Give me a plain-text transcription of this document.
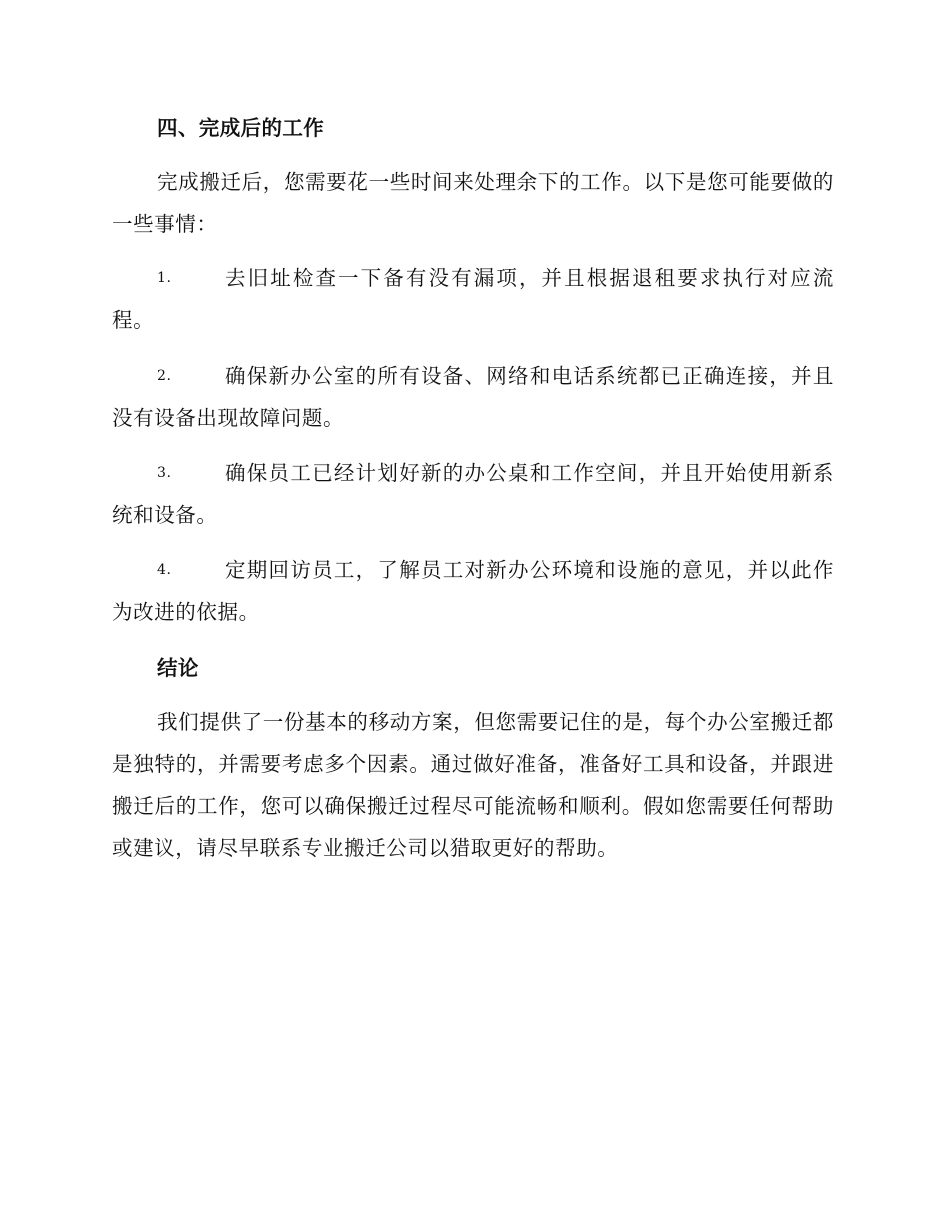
四、完成后的工作

完成搬迁后，您需要花一些时间来处理余下的工作。以下是您可能要做的一些事情：

1.	去旧址检查一下备有没有漏项，并且根据退租要求执行对应流程。

2.	确保新办公室的所有设备、网络和电话系统都已正确连接，并且没有设备出现故障问题。

3.	确保员工已经计划好新的办公桌和工作空间，并且开始使用新系统和设备。

4.	定期回访员工，了解员工对新办公环境和设施的意见，并以此作为改进的依据。

结论

我们提供了一份基本的移动方案，但您需要记住的是，每个办公室搬迁都是独特的，并需要考虑多个因素。通过做好准备，准备好工具和设备，并跟进搬迁后的工作，您可以确保搬迁过程尽可能流畅和顺利。假如您需要任何帮助或建议，请尽早联系专业搬迁公司以猎取更好的帮助。
